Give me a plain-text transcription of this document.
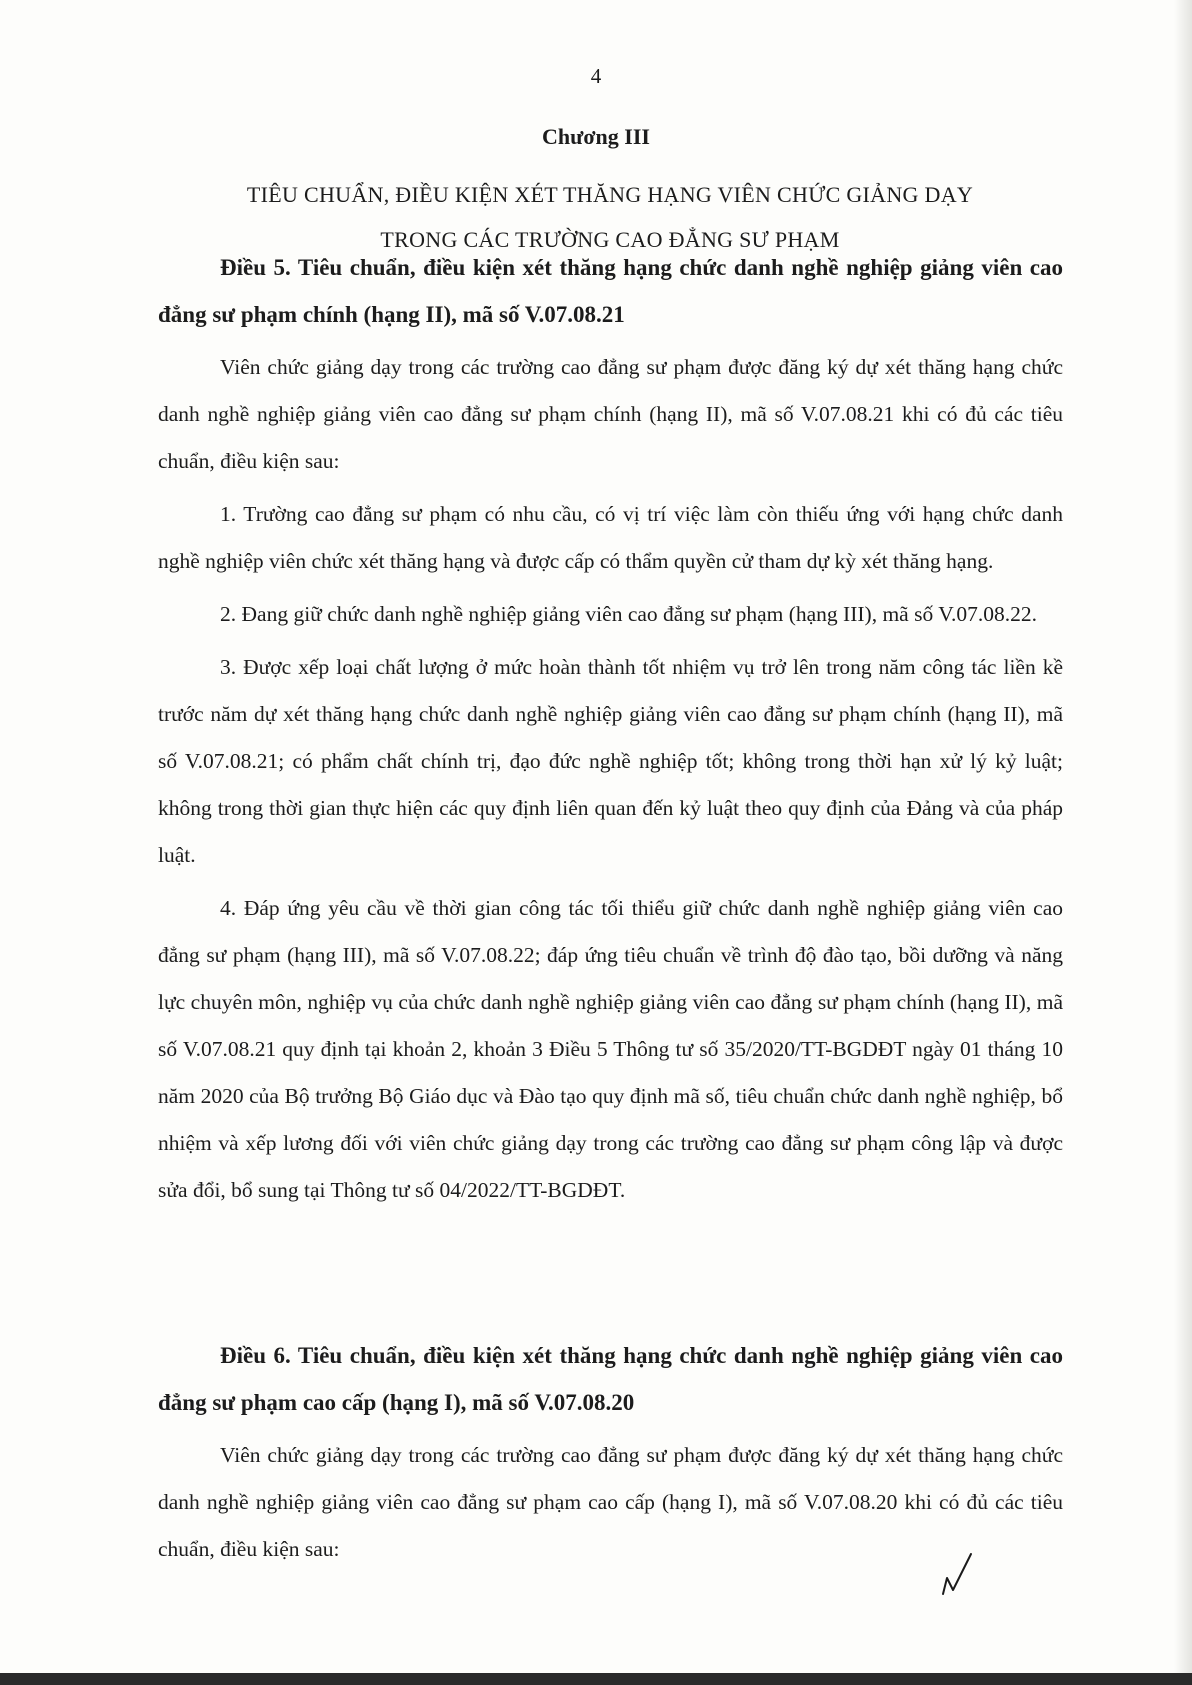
4
Chương III
TIÊU CHUẨN, ĐIỀU KIỆN XÉT THĂNG HẠNG VIÊN CHỨC GIẢNG DẠY
TRONG CÁC TRƯỜNG CAO ĐẲNG SƯ PHẠM

Điều 5. Tiêu chuẩn, điều kiện xét thăng hạng chức danh nghề nghiệp giảng viên cao đẳng sư phạm chính (hạng II), mã số V.07.08.21

Viên chức giảng dạy trong các trường cao đẳng sư phạm được đăng ký dự xét thăng hạng chức danh nghề nghiệp giảng viên cao đẳng sư phạm chính (hạng II), mã số V.07.08.21 khi có đủ các tiêu chuẩn, điều kiện sau:

1. Trường cao đẳng sư phạm có nhu cầu, có vị trí việc làm còn thiếu ứng với hạng chức danh nghề nghiệp viên chức xét thăng hạng và được cấp có thẩm quyền cử tham dự kỳ xét thăng hạng.

2. Đang giữ chức danh nghề nghiệp giảng viên cao đẳng sư phạm (hạng III), mã số V.07.08.22.

3. Được xếp loại chất lượng ở mức hoàn thành tốt nhiệm vụ trở lên trong năm công tác liền kề trước năm dự xét thăng hạng chức danh nghề nghiệp giảng viên cao đẳng sư phạm chính (hạng II), mã số V.07.08.21; có phẩm chất chính trị, đạo đức nghề nghiệp tốt; không trong thời hạn xử lý kỷ luật; không trong thời gian thực hiện các quy định liên quan đến kỷ luật theo quy định của Đảng và của pháp luật.

4. Đáp ứng yêu cầu về thời gian công tác tối thiểu giữ chức danh nghề nghiệp giảng viên cao đẳng sư phạm (hạng III), mã số V.07.08.22; đáp ứng tiêu chuẩn về trình độ đào tạo, bồi dưỡng và năng lực chuyên môn, nghiệp vụ của chức danh nghề nghiệp giảng viên cao đẳng sư phạm chính (hạng II), mã số V.07.08.21 quy định tại khoản 2, khoản 3 Điều 5 Thông tư số 35/2020/TT-BGDĐT ngày 01 tháng 10 năm 2020 của Bộ trưởng Bộ Giáo dục và Đào tạo quy định mã số, tiêu chuẩn chức danh nghề nghiệp, bổ nhiệm và xếp lương đối với viên chức giảng dạy trong các trường cao đẳng sư phạm công lập và được sửa đổi, bổ sung tại Thông tư số 04/2022/TT-BGDĐT.

Điều 6. Tiêu chuẩn, điều kiện xét thăng hạng chức danh nghề nghiệp giảng viên cao đẳng sư phạm cao cấp (hạng I), mã số V.07.08.20

Viên chức giảng dạy trong các trường cao đẳng sư phạm được đăng ký dự xét thăng hạng chức danh nghề nghiệp giảng viên cao đẳng sư phạm cao cấp (hạng I), mã số V.07.08.20 khi có đủ các tiêu chuẩn, điều kiện sau:
